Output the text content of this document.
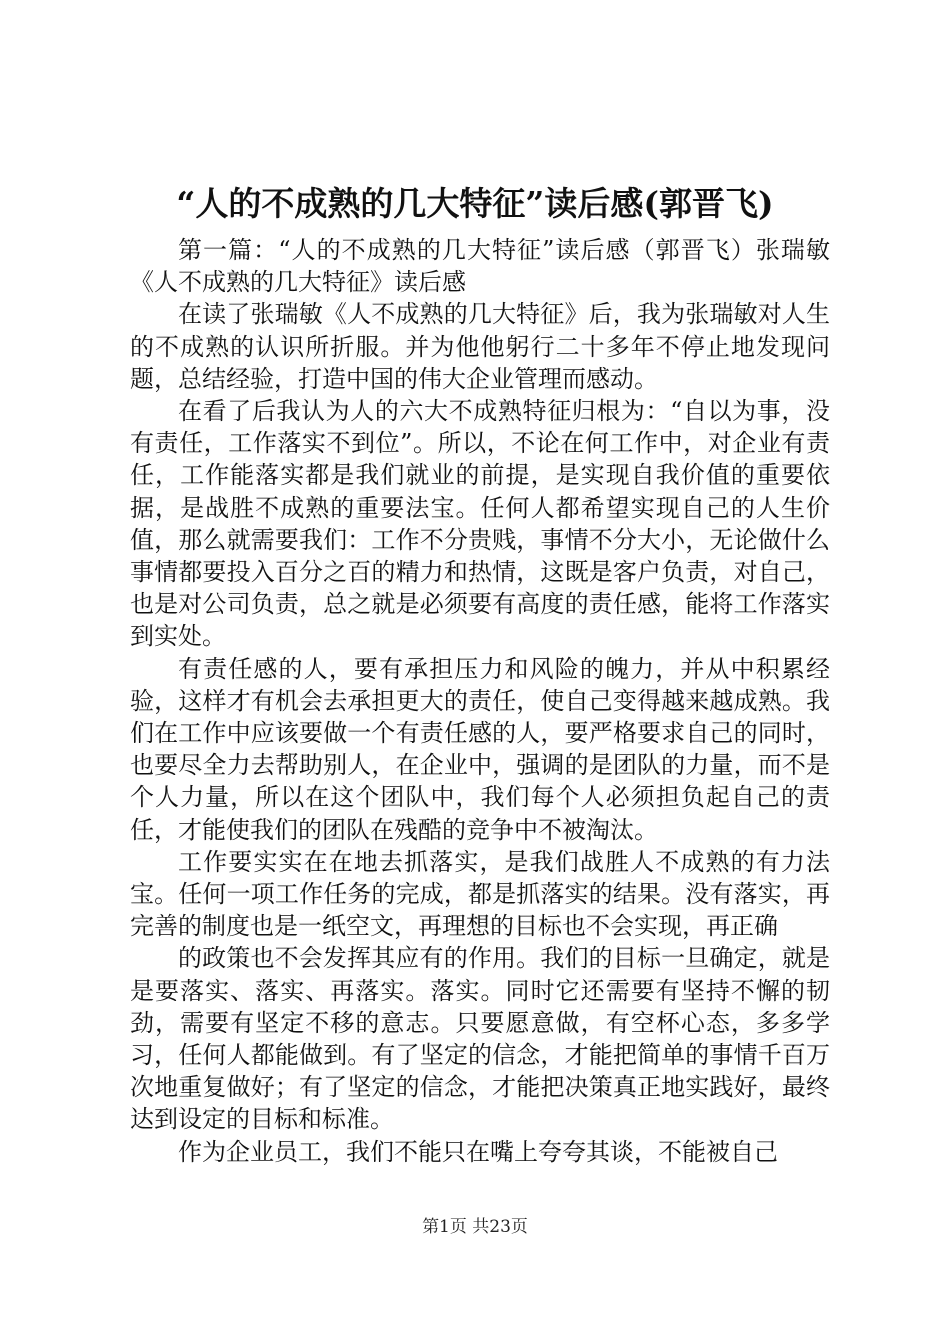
“人的不成熟的几大特征”读后感(郭晋飞)

第一篇：“人的不成熟的几大特征”读后感（郭晋飞）张瑞敏《人不成熟的几大特征》读后感

在读了张瑞敏《人不成熟的几大特征》后，我为张瑞敏对人生的不成熟的认识所折服。并为他他躬行二十多年不停止地发现问题，总结经验，打造中国的伟大企业管理而感动。

在看了后我认为人的六大不成熟特征归根为：“自以为事，没有责任，工作落实不到位”。所以，不论在何工作中，对企业有责任，工作能落实都是我们就业的前提，是实现自我价值的重要依据，是战胜不成熟的重要法宝。任何人都希望实现自己的人生价值，那么就需要我们：工作不分贵贱，事情不分大小，无论做什么事情都要投入百分之百的精力和热情，这既是客户负责，对自己，也是对公司负责，总之就是必须要有高度的责任感，能将工作落实到实处。

有责任感的人，要有承担压力和风险的魄力，并从中积累经验，这样才有机会去承担更大的责任，使自己变得越来越成熟。我们在工作中应该要做一个有责任感的人，要严格要求自己的同时，也要尽全力去帮助别人，在企业中，强调的是团队的力量，而不是个人力量，所以在这个团队中，我们每个人必须担负起自己的责任，才能使我们的团队在残酷的竞争中不被淘汰。

工作要实实在在地去抓落实，是我们战胜人不成熟的有力法宝。任何一项工作任务的完成，都是抓落实的结果。没有落实，再完善的制度也是一纸空文，再理想的目标也不会实现，再正确

的政策也不会发挥其应有的作用。我们的目标一旦确定，就是是要落实、落实、再落实。落实。同时它还需要有坚持不懈的韧劲，需要有坚定不移的意志。只要愿意做，有空杯心态，多多学习，任何人都能做到。有了坚定的信念，才能把简单的事情千百万次地重复做好；有了坚定的信念，才能把决策真正地实践好，最终达到设定的目标和标准。

作为企业员工，我们不能只在嘴上夸夸其谈，不能被自己

第1页 共23页
